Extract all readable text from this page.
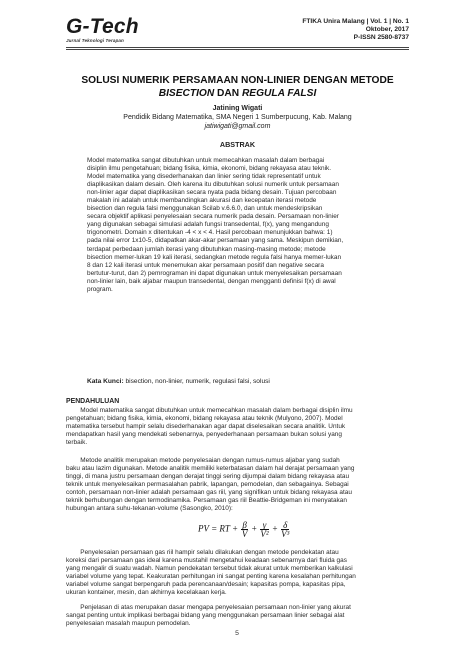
G-Tech
Jurnal Teknologi Terapan
FTIKA Unira Malang | Vol. 1 | No. 1
Oktober, 2017
P-ISSN 2580-8737
SOLUSI NUMERIK PERSAMAAN NON-LINIER DENGAN METODE
BISECTION DAN REGULA FALSI
Jatining Wigati
Pendidik Bidang Matematika, SMA Negeri 1 Sumberpucung, Kab. Malang
jatiwigati@gmail.com
ABSTRAK
Model matematika sangat dibutuhkan untuk memecahkan masalah dalam berbagai
disiplin ilmu pengetahuan; bidang fisika, kimia, ekonomi, bidang rekayasa atau teknik.
Model matematika yang disederhanakan dan linier sering tidak representatif untuk
diaplikasikan dalam desain. Oleh karena itu dibutuhkan solusi numerik untuk persamaan
non-linier agar dapat diaplikasikan secara nyata pada bidang desain. Tujuan percobaan
makalah ini adalah untuk membandingkan akurasi dan kecepatan iterasi metode
bisection dan regula falsi menggunakan Scilab v.6.6.0, dan untuk mendeskripsikan
secara objektif aplikasi penyelesaian secara numerik pada desain. Persamaan non-linier
yang digunakan sebagai simulasi adalah fungsi transedental, f(x), yang mengandung
trigonometri. Domain x ditentukan -4 < x < 4. Hasil percobaan menunjukkan bahwa: 1)
pada nilai error 1x10-5, didapatkan akar-akar persamaan yang sama. Meskipun demikian,
terdapat perbedaan jumlah iterasi yang dibutuhkan masing-masing metode; metode
bisection memer-lukan 19 kali iterasi, sedangkan metode regula falsi hanya memer-lukan
8 dan 12 kali iterasi untuk menemukan akar persamaan positif dan negative secara
bertutur-turut, dan 2) pemrograman ini dapat digunakan untuk menyelesaikan persamaan
non-linier lain, baik aljabar maupun transedental, dengan mengganti definisi f(x) di awal
program.
Kata Kunci: bisection, non-linier, numerik, regulasi falsi, solusi
PENDAHULUAN
Model matematika sangat dibutuhkan untuk memecahkan masalah dalam berbagai disiplin ilmu
pengetahuan; bidang fisika, kimia, ekonomi, bidang rekayasa atau teknik (Mulyono, 2007). Model
matematika tersebut hampir selalu disederhanakan agar dapat diselesaikan secara analitik. Untuk
mendapatkan hasil yang mendekati sebenarnya, penyederhanaan persamaan bukan solusi yang
terbaik.
Metode analitik merupakan metode penyelesaian dengan rumus-rumus aljabar yang sudah
baku atau lazim digunakan. Metode analitik memiliki keterbatasan dalam hal derajat persamaan yang
tinggi, di mana justru persamaan dengan derajat tinggi sering dijumpai dalam bidang rekayasa atau
teknik untuk menyelesaikan permasalahan pabrik, lapangan, pemodelan, dan sebagainya. Sebagai
contoh, persamaan non-linier adalah persamaan gas riil, yang signifikan untuk bidang rekayasa atau
teknik berhubungan dengan termodinamika. Persamaan gas riil Beattie-Bridgeman ini menyatakan
hubungan antara suhu-tekanan-volume (Sasongko, 2010):
PV = RT + $\frac{\beta}{V} + \frac{\gamma}{\text{V²}} + \frac{\delta}{\text{V³}}$
Penyelesaian persamaan gas riil hampir selalu dilakukan dengan metode pendekatan atau
koreksi dari persamaan gas ideal karena mustahil mengetahui keadaan sebenarnya dari fluida gas
yang mengalir di suatu wadah. Namun pendekatan tersebut tidak akurat untuk memberikan kalkulasi
variabel volume yang tepat. Keakuratan perhitungan ini sangat penting karena kesalahan perhitungan
variabel volume sangat berpengaruh pada perencanaan/desain; kapasitas pompa, kapasitas pipa,
ukuran kontainer, mesin, dan akhirnya kecelakaan kerja.
Penjelasan di atas merupakan dasar mengapa penyelesaian persamaan non-linier yang akurat
sangat penting untuk implikasi berbagai bidang yang menggunakan persamaan linier sebagai alat
penyelesaian masalah maupun pemodelan.
5
